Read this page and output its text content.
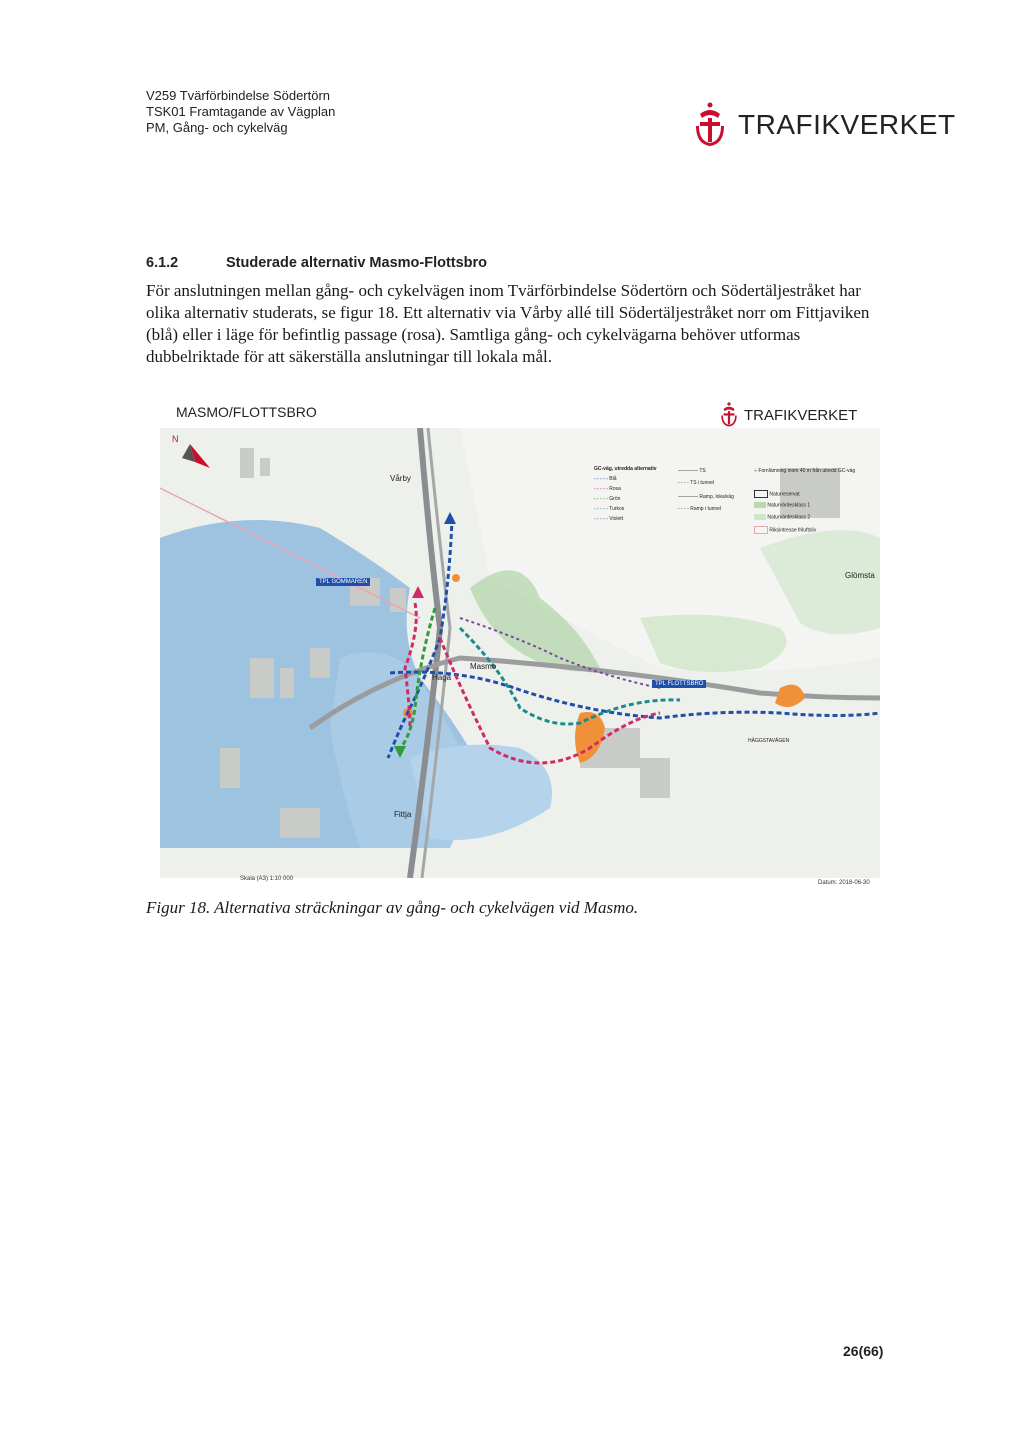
V259 Tvärförbindelse Södertörn
TSK01 Framtagande av Vägplan
PM, Gång- och cykelväg	TRAFIKVERKET
6.1.2	Studerade alternativ Masmo-Flottsbro
För anslutningen mellan gång- och cykelvägen inom Tvärförbindelse Södertörn och Södertäljestråket har olika alternativ studerats, se figur 18. Ett alternativ via Vårby allé till Södertäljestråket norr om Fittjaviken (blå) eller i läge för befintlig passage (rosa). Samtliga gång- och cykelvägarna behöver utformas dubbelriktade för att säkerställa anslutningar till lokala mål.
MASMO/FLOTTSBRO	TRAFIKVERKET
N
Vårby
Haga
Masmo
Fittja
Glömsta
TPL GÖMMAREN
TPL FLOTTSBRO
HÄGGSTAVÄGEN
GC-väg, utredda alternativ
- - - - - Blå
- - - - - Rosa
- - - - - Grön
- - - - - Turkos
- - - - - Violett
———— TS
- - - - TS i tunnel
———— Ramp, lokalväg
- - - - Ramp i tunnel
● Fornlämning inom 40 m från utredd GC-väg
Naturreservat
Naturvärdesklass 1
Naturvärdesklass 2
Riksintresse friluftsliv
Skala (A3) 1:10 000
Datum: 2018-06-30
Figur 18. Alternativa sträckningar av gång- och cykelvägen vid Masmo.
26(66)
